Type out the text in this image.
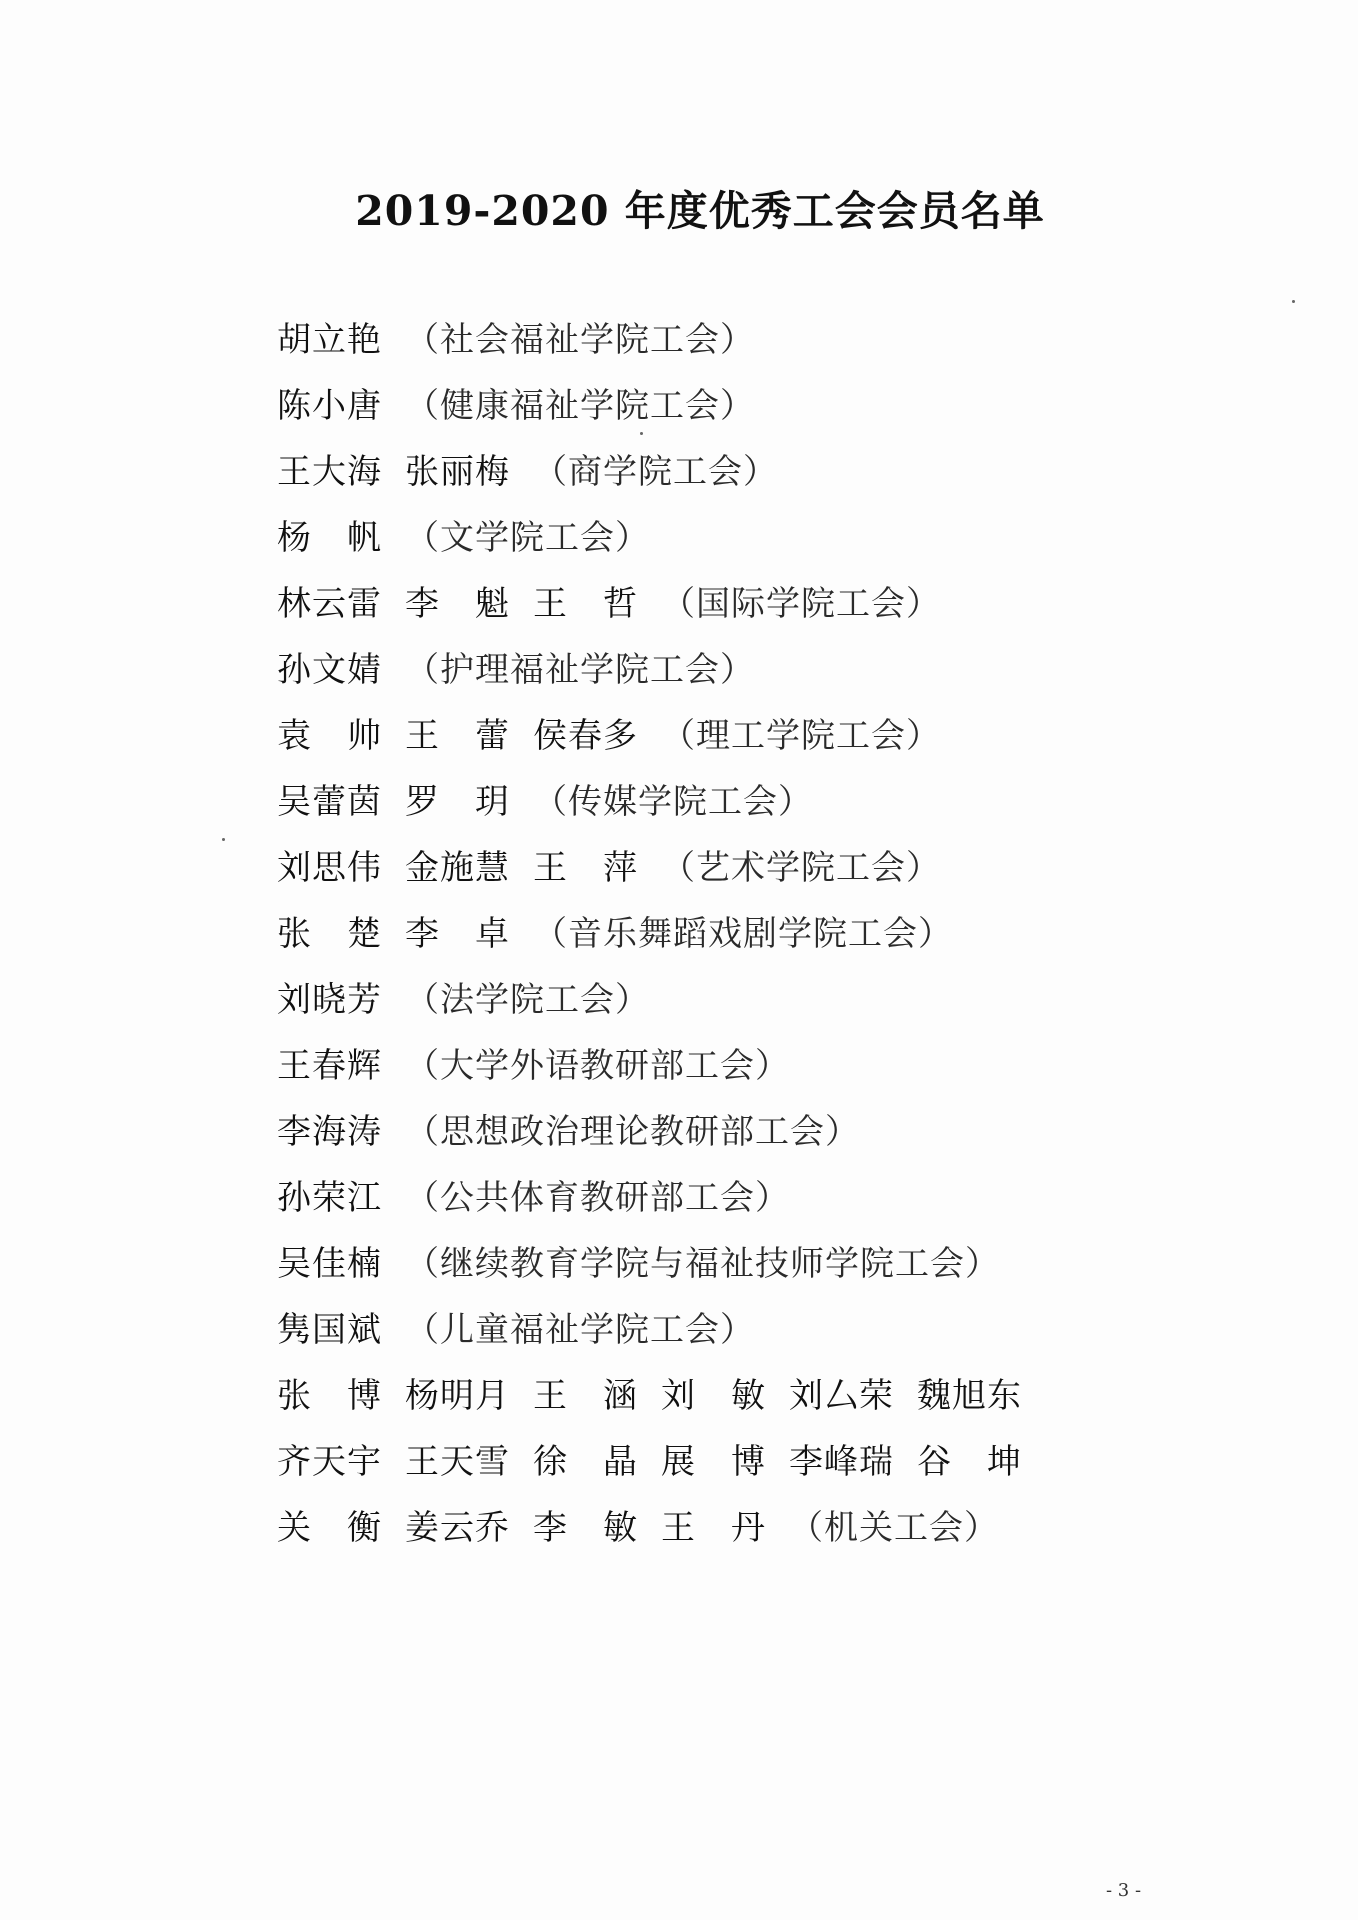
2019-2020 年度优秀工会会员名单
胡立艳 （社会福祉学院工会）
陈小唐 （健康福祉学院工会）
王大海 张丽梅 （商学院工会）
杨　帆 （文学院工会）
林云雷 李　魁 王　哲 （国际学院工会）
孙文婧 （护理福祉学院工会）
袁　帅 王　蕾 侯春多 （理工学院工会）
吴蕾茵 罗　玥 （传媒学院工会）
刘思伟 金施慧 王　萍 （艺术学院工会）
张　楚 李　卓 （音乐舞蹈戏剧学院工会）
刘晓芳 （法学院工会）
王春辉 （大学外语教研部工会）
李海涛 （思想政治理论教研部工会）
孙荣江 （公共体育教研部工会）
吴佳楠 （继续教育学院与福祉技师学院工会）
隽国斌 （儿童福祉学院工会）
张　博 杨明月 王　涵 刘　敏 刘厶荣 魏旭东
齐天宇 王天雪 徐　晶 展　博 李峰瑞 谷　坤
关　衡 姜云乔 李　敏 王　丹 （机关工会）
- 3 -
